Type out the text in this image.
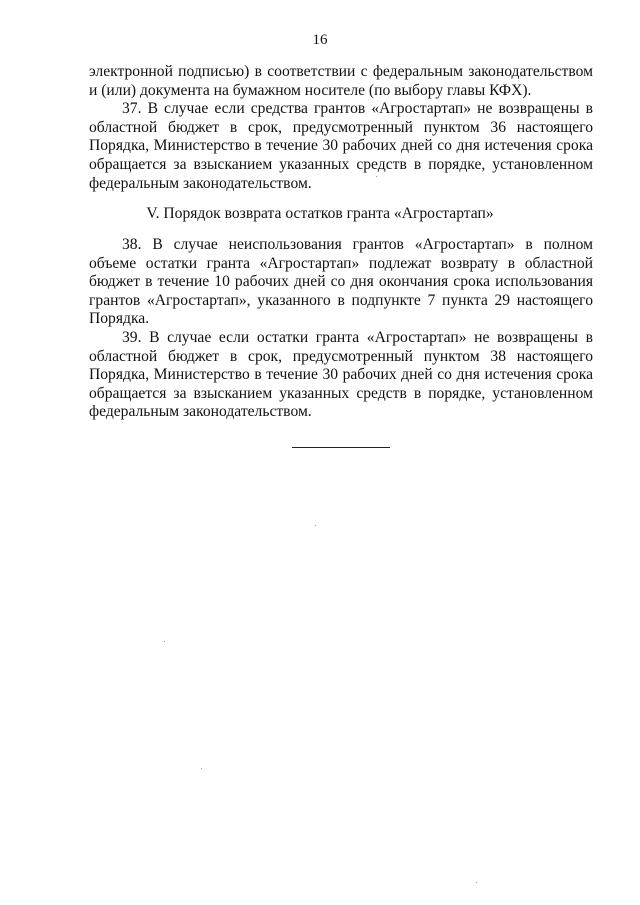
16

электронной подписью) в соответствии с федеральным законодательством и (или) документа на бумажном носителе (по выбору главы КФХ).

37. В случае если средства грантов «Агростартап» не возвращены в областной бюджет в срок, предусмотренный пунктом 36 настоящего Порядка, Министерство в течение 30 рабочих дней со дня истечения срока обращается за взысканием указанных средств в порядке, установленном федеральным законодательством.

V. Порядок возврата остатков гранта «Агростартап»

38. В случае неиспользования грантов «Агростартап» в полном объеме остатки гранта «Агростартап» подлежат возврату в областной бюджет в течение 10 рабочих дней со дня окончания срока использования грантов «Агростартап», указанного в подпункте 7 пункта 29 настоящего Порядка.

39. В случае если остатки гранта «Агростартап» не возвращены в областной бюджет в срок, предусмотренный пунктом 38 настоящего Порядка, Министерство в течение 30 рабочих дней со дня истечения срока обращается за взысканием указанных средств в порядке, установленном федеральным законодательством.
